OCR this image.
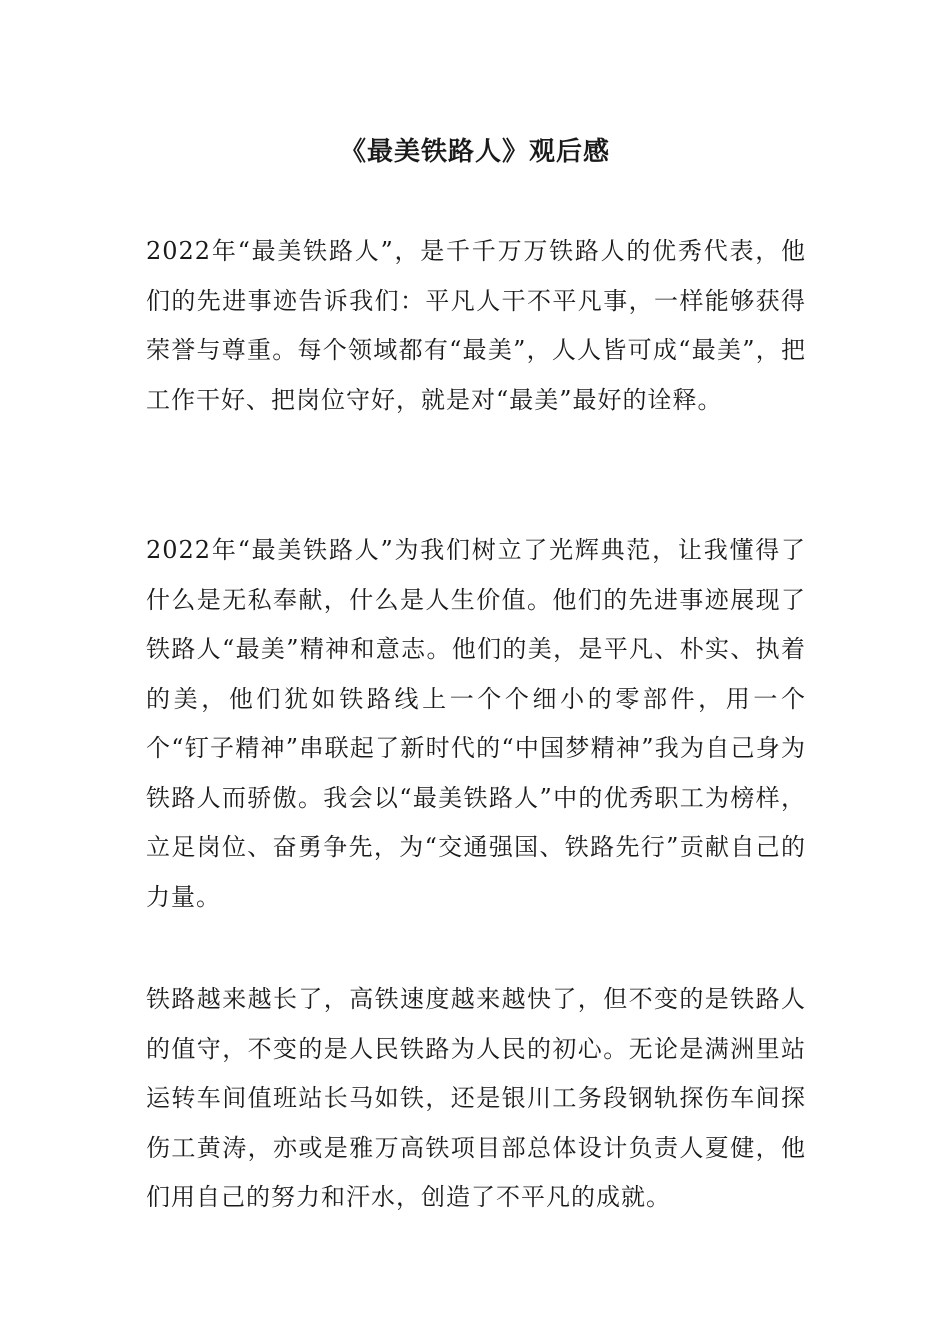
《最美铁路人》观后感

2022年“最美铁路人”，是千千万万铁路人的优秀代表，他们的先进事迹告诉我们：平凡人干不平凡事，一样能够获得荣誉与尊重。每个领域都有“最美”，人人皆可成“最美”，把工作干好、把岗位守好，就是对“最美”最好的诠释。

2022年“最美铁路人”为我们树立了光辉典范，让我懂得了什么是无私奉献，什么是人生价值。他们的先进事迹展现了铁路人“最美”精神和意志。他们的美，是平凡、朴实、执着的美，他们犹如铁路线上一个个细小的零部件，用一个个“钉子精神”串联起了新时代的“中国梦精神”我为自己身为铁路人而骄傲。我会以“最美铁路人”中的优秀职工为榜样，立足岗位、奋勇争先，为“交通强国、铁路先行”贡献自己的力量。

铁路越来越长了，高铁速度越来越快了，但不变的是铁路人的值守，不变的是人民铁路为人民的初心。无论是满洲里站运转车间值班站长马如铁，还是银川工务段钢轨探伤车间探伤工黄涛，亦或是雅万高铁项目部总体设计负责人夏健，他们用自己的努力和汗水，创造了不平凡的成就。
